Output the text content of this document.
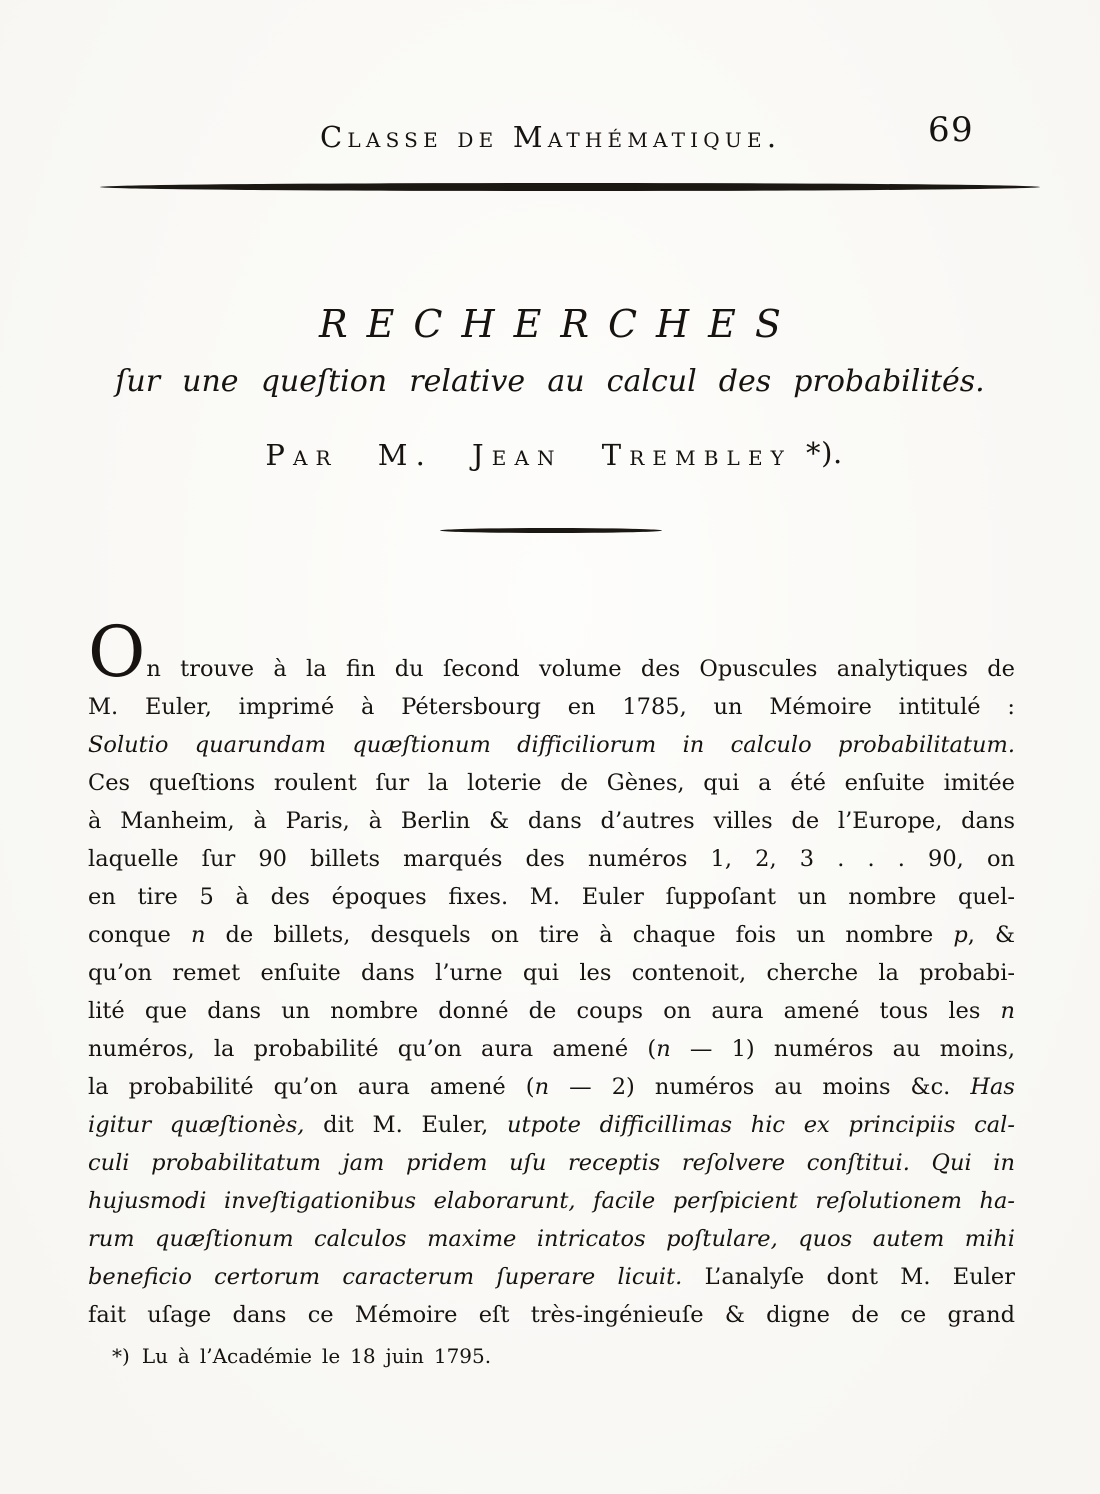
Classe de Mathématique.	69
RECHERCHES
ſur une queſtion relative au calcul des probabilités.
Par M. Jean Trembley *).
On trouve à la fin du ſecond volume des Opuscules analytiques de
M. Euler, imprimé à Pétersbourg en 1785, un Mémoire intitulé :
Solutio quarundam quæſtionum difficiliorum in calculo probabilitatum.
Ces queſtions roulent ſur la loterie de Gènes, qui a été enſuite imitée
à Manheim, à Paris, à Berlin & dans d’autres villes de l’Europe, dans
laquelle ſur 90 billets marqués des numéros 1, 2, 3 . . . 90, on
en tire 5 à des époques fixes. M. Euler ſuppoſant un nombre quel-
conque n de billets, desquels on tire à chaque fois un nombre p, &
qu’on remet enſuite dans l’urne qui les contenoit, cherche la probabi-
lité que dans un nombre donné de coups on aura amené tous les n
numéros, la probabilité qu’on aura amené (n — 1) numéros au moins,
la probabilité qu’on aura amené (n — 2) numéros au moins &c. Has
igitur quæſtionès, dit M. Euler, utpote difficillimas hic ex principiis cal-
culi probabilitatum jam pridem uſu receptis reſolvere conſtitui. Qui in
hujusmodi inveſtigationibus elaborarunt, facile perſpicient reſolutionem ha-
rum quæſtionum calculos maxime intricatos poſtulare, quos autem mihi
beneficio certorum caracterum ſuperare licuit. L’analyſe dont M. Euler
fait uſage dans ce Mémoire eſt très-ingénieuſe & digne de ce grand
*) Lu à l’Académie le 18 juin 1795.
